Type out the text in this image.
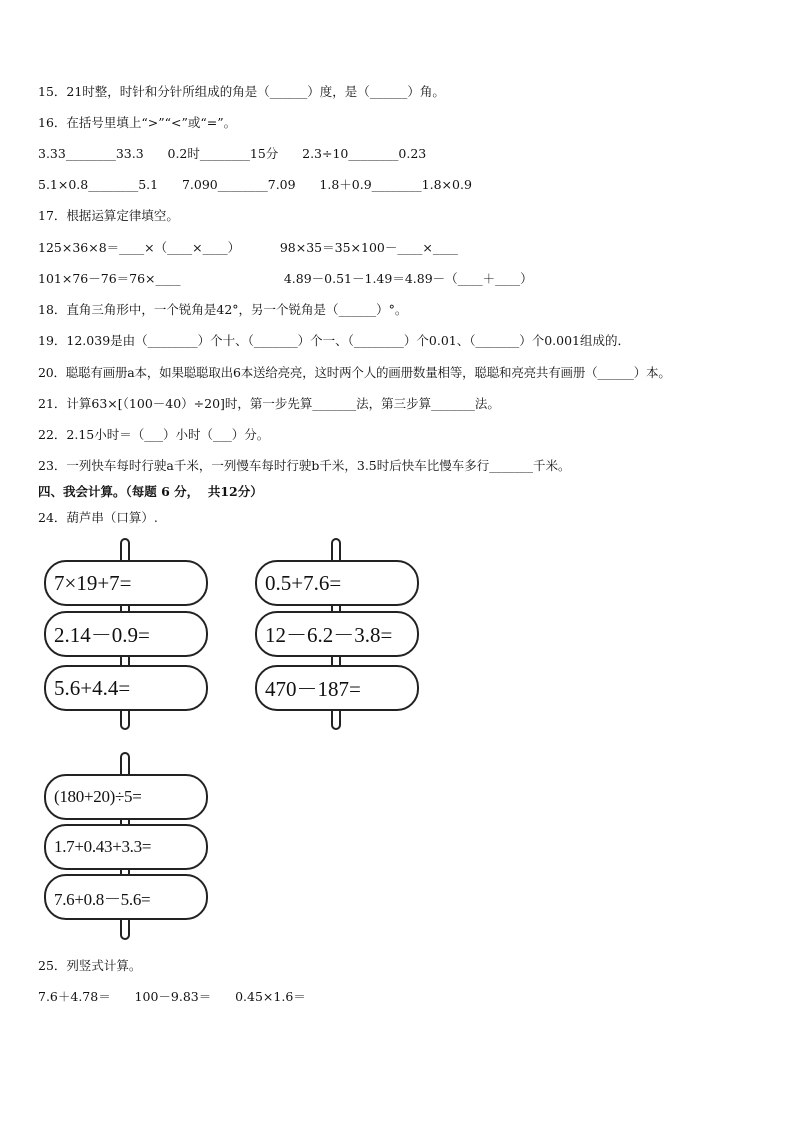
15．21时整，时针和分针所组成的角是（______）度，是（______）角。
16．在括号里填上“>”“<”或“=”。
3.33________33.3      0.2时________15分      2.3÷10________0.23
5.1×0.8________5.1      7.090________7.09      1.8＋0.9________1.8×0.9
17．根据运算定律填空。
125×36×8＝____×（____×____）          98×35＝35×100－____×____
101×76－76＝76×____                          4.89－0.51－1.49＝4.89－（____＋____）
18．直角三角形中，一个锐角是42°，另一个锐角是（______）°。
19．12.039是由（________）个十、（_______）个一、（________）个0.01、（_______）个0.001组成的．
20．聪聪有画册a本，如果聪聪取出6本送给亮亮，这时两个人的画册数量相等，聪聪和亮亮共有画册（______）本。
21．计算63×[（100－40）÷20]时，第一步先算_______法，第三步算_______法。
22．2.15小时＝（___）小时（___）分。
23．一列快车每时行驶a千米，一列慢车每时行驶b千米，3.5时后快车比慢车多行_______千米。
四、我会计算。（每题 6 分，  共12分）
24．葫芦串（口算）.
7×19+7=
2.14－0.9=
5.6+4.4=
0.5+7.6=
12－6.2－3.8=
470－187=
(180+20)÷5=
1.7+0.43+3.3=
7.6+0.8－5.6=
25．列竖式计算。
7.6＋4.78＝      100－9.83＝      0.45×1.6＝
